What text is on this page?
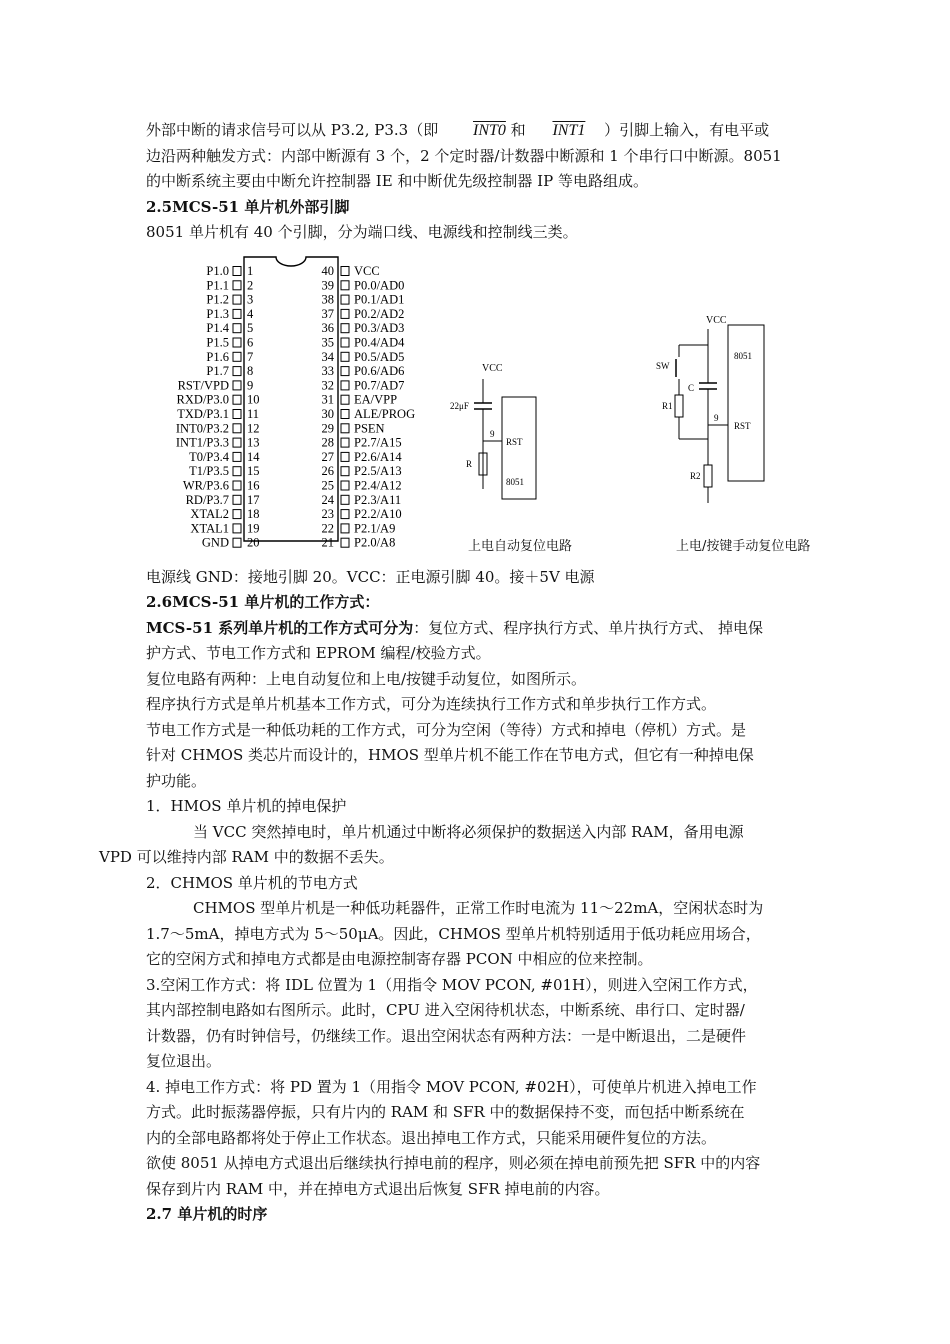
外部中断的请求信号可以从 P3.2, P3.3（即 INT0 和 INT1 ）引脚上输入，有电平或
边沿两种触发方式：内部中断源有 3 个，2 个定时器/计数器中断源和 1 个串行口中断源。8051
的中断系统主要由中断允许控制器 IE 和中断优先级控制器 IP 等电路组成。

2.5MCS-51 单片机外部引脚

8051 单片机有 40 个引脚，分为端口线、电源线和控制线三类。

P1.0 1
P1.1 2
P1.2 3
P1.3 4
P1.4 5
P1.5 6
P1.6 7
P1.7 8
RST/VPD 9
RXD/P3.0 10
TXD/P3.1 11
INT0/P3.2 12
INT1/P3.3 13
T0/P3.4 14
T1/P3.5 15
WR/P3.6 16
RD/P3.7 17
XTAL2 18
XTAL1 19
GND 20
40 VCC
39 P0.0/AD0
38 P0.1/AD1
37 P0.2/AD2
36 P0.3/AD3
35 P0.4/AD4
34 P0.5/AD5
33 P0.6/AD6
32 P0.7/AD7
31 EA/VPP
30 ALE/PROG
29 PSEN
28 P2.7/A15
27 P2.6/A14
26 P2.5/A13
25 P2.4/A12
24 P2.3/A11
23 P2.2/A10
22 P2.1/A9
21 P2.0/A8
VCC
22μF
9
R
RST
8051
上电自动复位电路
VCC
SW
R1
C
9
R2
8051
RST
上电/按键手动复位电路

电源线 GND：接地引脚 20。VCC：正电源引脚 40。接＋5V 电源

2.6MCS-51 单片机的工作方式：

MCS-51 系列单片机的工作方式可分为：复位方式、程序执行方式、单片执行方式、 掉电保
护方式、节电工作方式和 EPROM 编程/校验方式。

复位电路有两种：上电自动复位和上电/按键手动复位，如图所示。

程序执行方式是单片机基本工作方式，可分为连续执行工作方式和单步执行工作方式。

节电工作方式是一种低功耗的工作方式，可分为空闲（等待）方式和掉电（停机）方式。是
针对 CHMOS 类芯片而设计的，HMOS 型单片机不能工作在节电方式，但它有一种掉电保
护功能。

1．HMOS 单片机的掉电保护

当 VCC 突然掉电时，单片机通过中断将必须保护的数据送入内部 RAM，备用电源
VPD 可以维持内部 RAM 中的数据不丢失。

2．CHMOS 单片机的节电方式

CHMOS 型单片机是一种低功耗器件，正常工作时电流为 11～22mA，空闲状态时为
1.7～5mA，掉电方式为 5～50μA。因此，CHMOS 型单片机特别适用于低功耗应用场合，
它的空闲方式和掉电方式都是由电源控制寄存器 PCON 中相应的位来控制。

3.空闲工作方式：将 IDL 位置为 1（用指令 MOV PCON, #01H），则进入空闲工作方式，
其内部控制电路如右图所示。此时，CPU 进入空闲待机状态，中断系统、串行口、定时器/
计数器，仍有时钟信号，仍继续工作。退出空闲状态有两种方法：一是中断退出，二是硬件
复位退出。

4. 掉电工作方式：将 PD 置为 1（用指令 MOV PCON, #02H），可使单片机进入掉电工作
方式。此时振荡器停振，只有片内的 RAM 和 SFR 中的数据保持不变，而包括中断系统在
内的全部电路都将处于停止工作状态。退出掉电工作方式，只能采用硬件复位的方法。

欲使 8051 从掉电方式退出后继续执行掉电前的程序，则必须在掉电前预先把 SFR 中的内容
保存到片内 RAM 中，并在掉电方式退出后恢复 SFR 掉电前的内容。

2.7 单片机的时序
